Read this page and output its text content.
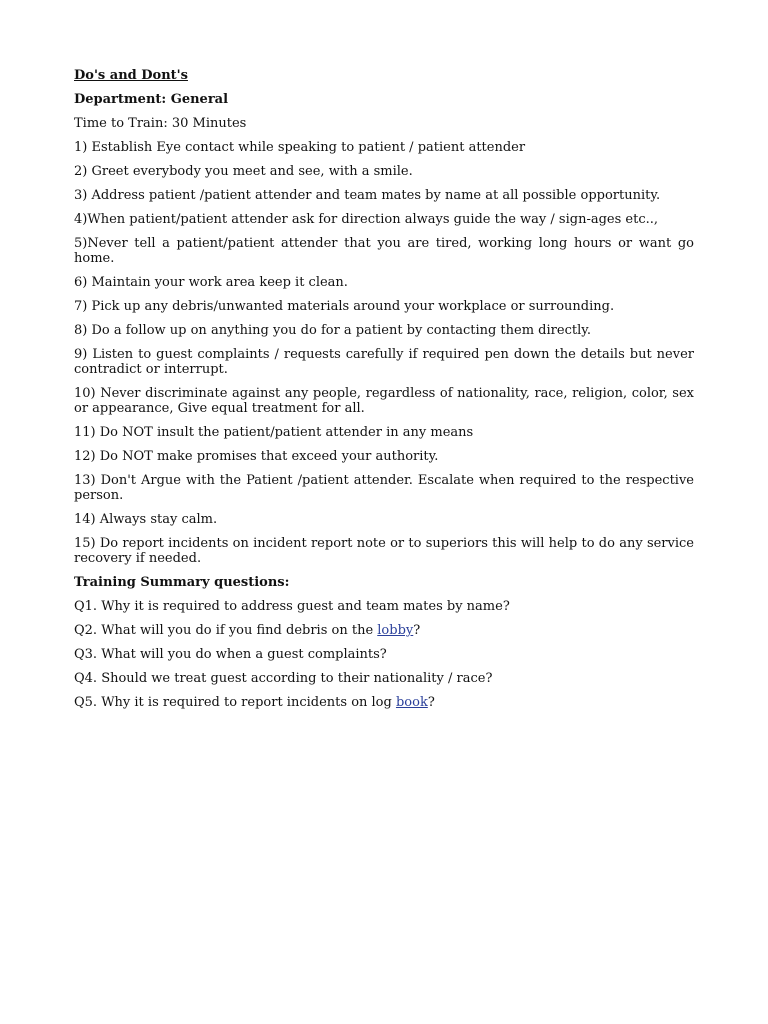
Do's and Dont's
Department: General
Time to Train: 30 Minutes
1) Establish Eye contact while speaking to patient / patient attender
2) Greet everybody you meet and see, with a smile.
3) Address patient /patient attender and team mates by name at all possible opportunity.
4)When patient/patient attender ask for direction always guide the way / sign-ages etc..,
5)Never tell a patient/patient attender that you are tired, working long hours or want go home.
6) Maintain your work area keep it clean.
7) Pick up any debris/unwanted materials around your workplace or surrounding.
8) Do a follow up on anything you do for a patient by contacting them directly.
9) Listen to guest complaints / requests carefully if required pen down the details but never contradict or interrupt.
10) Never discriminate against any people, regardless of nationality, race, religion, color, sex or appearance, Give equal treatment for all.
11) Do NOT insult the patient/patient attender in any means
12) Do NOT make promises that exceed your authority.
13) Don't Argue with the Patient /patient attender. Escalate when required to the respective person.
14) Always stay calm.
15) Do report incidents on incident report note or to superiors this will help to do any service recovery if needed.
Training Summary questions:
Q1. Why it is required to address guest and team mates by name?
Q2. What will you do if you find debris on the lobby?
Q3. What will you do when a guest complaints?
Q4. Should we treat guest according to their nationality / race?
Q5. Why it is required to report incidents on log book?
